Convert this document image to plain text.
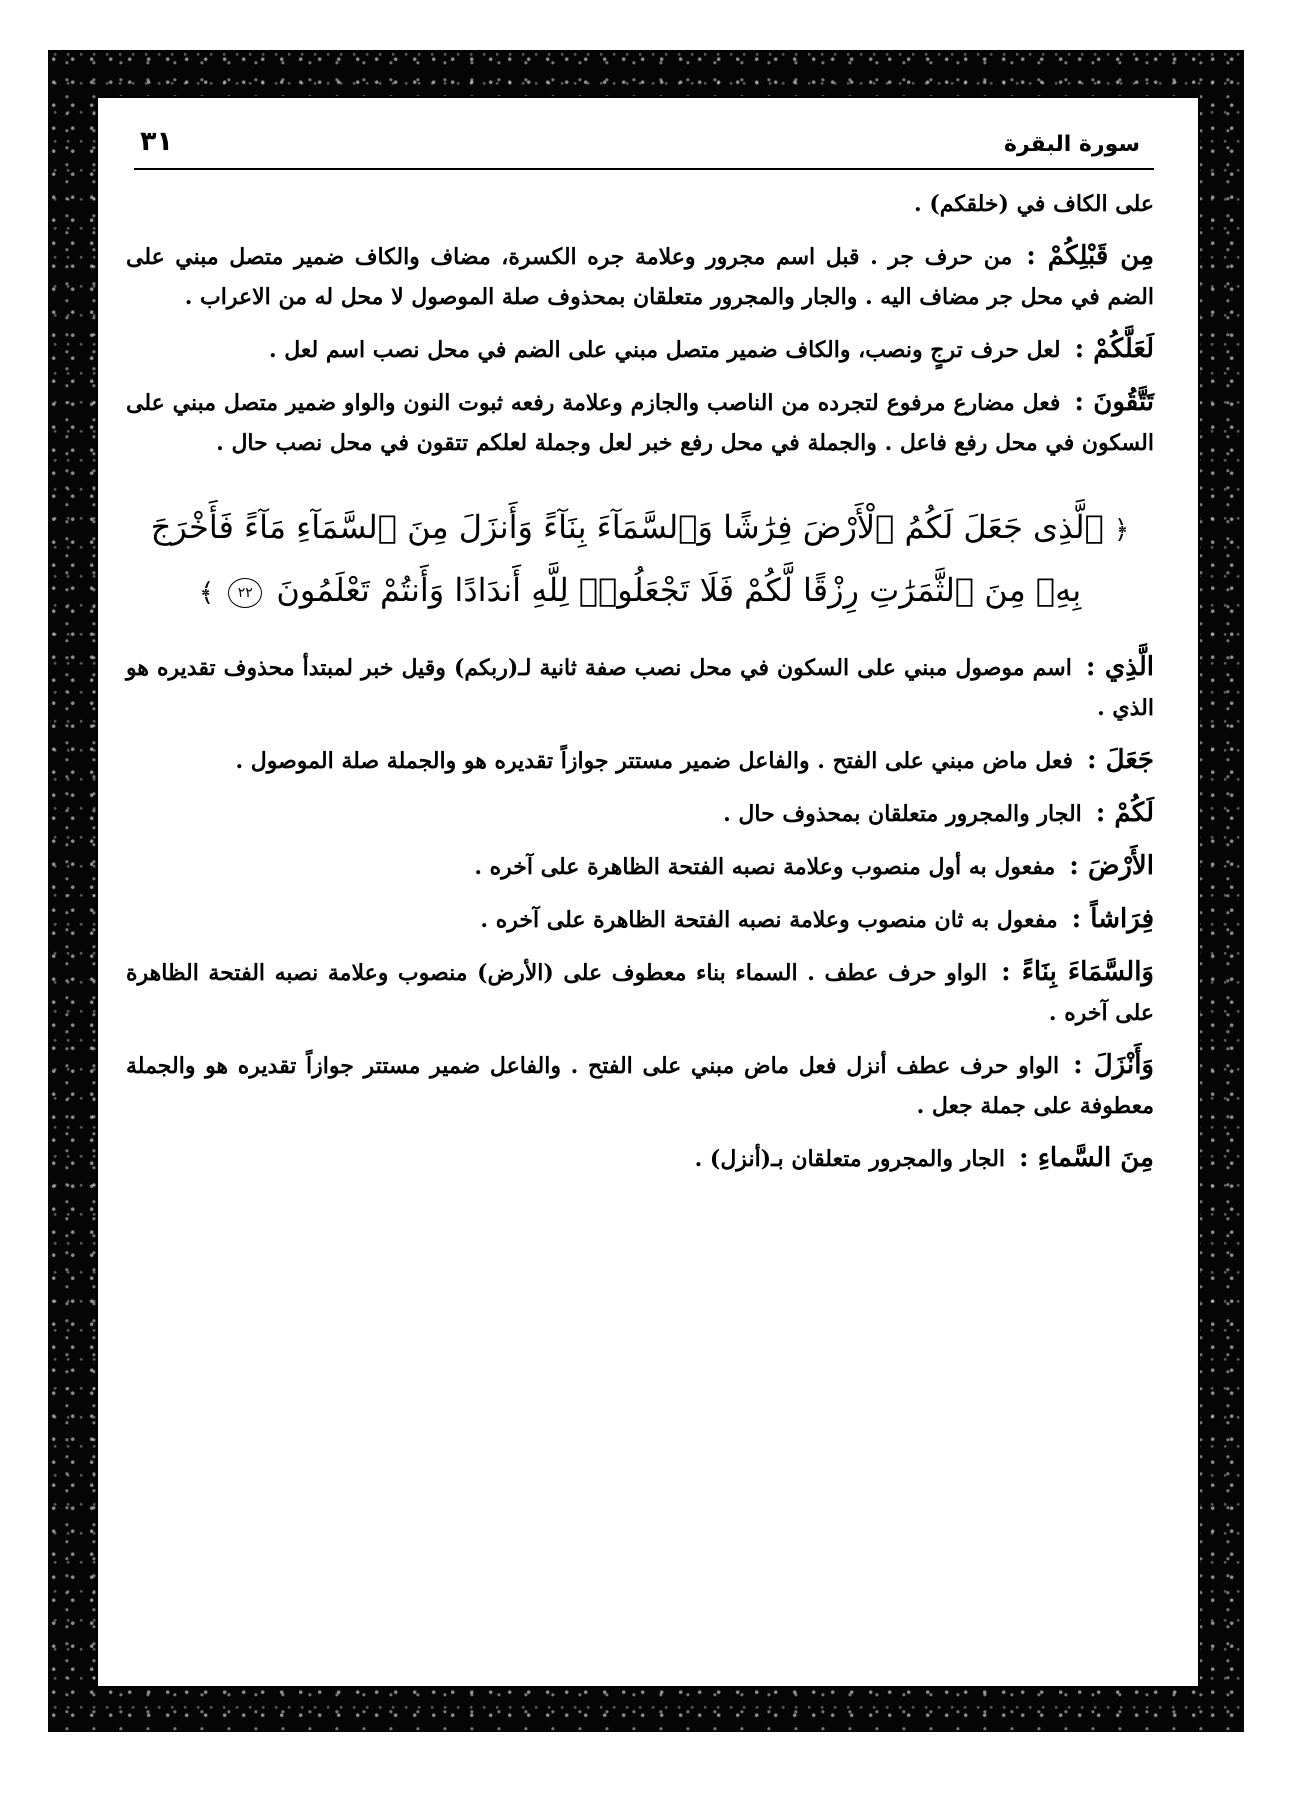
سورة البقرة
٣١

على الكاف في (خلقكم) .

مِن قَبْلِكُمْ :من حرف جر . قبل اسم مجرور وعلامة جره الكسرة، مضاف والكاف ضمير متصل مبني على الضم في محل جر مضاف اليه . والجار والمجرور متعلقان بمحذوف صلة الموصول لا محل له من الاعراب .

لَعَلَّكُمْ :لعل حرف ترجٍ ونصب، والكاف ضمير متصل مبني على الضم في محل نصب اسم لعل .

تَتَّقُونَ :فعل مضارع مرفوع لتجرده من الناصب والجازم وعلامة رفعه ثبوت النون والواو ضمير متصل مبني على السكون في محل رفع فاعل . والجملة في محل رفع خبر لعل وجملة لعلكم تتقون في محل نصب حال .

﴿ ٱلَّذِى جَعَلَ لَكُمُ ٱلْأَرْضَ فِرَٰشًا وَٱلسَّمَآءَ بِنَآءً وَأَنزَلَ مِنَ ٱلسَّمَآءِ مَآءً فَأَخْرَجَ بِهِۦ مِنَ ٱلثَّمَرَٰتِ رِزْقًا لَّكُمْ فَلَا تَجْعَلُوا۟ لِلَّهِ أَندَادًا وَأَنتُمْ تَعْلَمُونَ ٢٢ ﴾

الَّذِي :اسم موصول مبني على السكون في محل نصب صفة ثانية لـ(ربكم) وقيل خبر لمبتدأ محذوف تقديره هو الذي .

جَعَلَ :فعل ماض مبني على الفتح . والفاعل ضمير مستتر جوازاً تقديره هو والجملة صلة الموصول .

لَكُمْ :الجار والمجرور متعلقان بمحذوف حال .

الأَرْضَ :مفعول به أول منصوب وعلامة نصبه الفتحة الظاهرة على آخره .

فِرَاشاً :مفعول به ثان منصوب وعلامة نصبه الفتحة الظاهرة على آخره .

وَالسَّمَاءَ بِنَاءً :الواو حرف عطف . السماء بناء معطوف على (الأرض) منصوب وعلامة نصبه الفتحة الظاهرة على آخره .

وَأَنْزَلَ :الواو حرف عطف أنزل فعل ماض مبني على الفتح . والفاعل ضمير مستتر جوازاً تقديره هو والجملة معطوفة على جملة جعل .

مِنَ السَّماءِ :الجار والمجرور متعلقان بـ(أنزل) .
